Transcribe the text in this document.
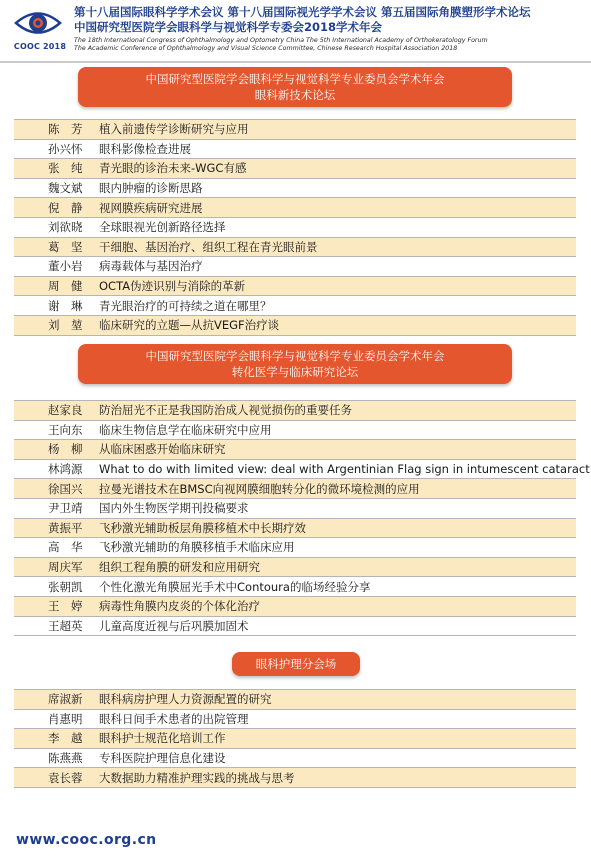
COOC 2018
第十八届国际眼科学学术会议 第十八届国际视光学学术会议 第五届国际角膜塑形学术论坛
中国研究型医院学会眼科学与视觉科学专委会2018学术年会
The 18th International Congress of Ophthalmology and Optometry China The 5th International Academy of Orthokeratology Forum
The Academic Conference of Ophthalmology and Visual Science Committee, Chinese Research Hospital Association 2018
中国研究型医院学会眼科学与视觉科学专业委员会学术年会
眼科新技术论坛
陈　芳	植入前遗传学诊断研究与应用
孙兴怀	眼科影像检查进展
张　纯	青光眼的诊治未来-WGC有感
魏文斌	眼内肿瘤的诊断思路
倪　静	视网膜疾病研究进展
刘欲晓	全球眼视光创新路径选择
葛　坚	干细胞、基因治疗、组织工程在青光眼前景
董小岩	病毒载体与基因治疗
周　健	OCTA伪迹识别与消除的革新
谢　琳	青光眼治疗的可持续之道在哪里？
刘　堃	临床研究的立题—从抗VEGF治疗谈
中国研究型医院学会眼科学与视觉科学专业委员会学术年会
转化医学与临床研究论坛
赵家良	防治屈光不正是我国防治成人视觉损伤的重要任务
王向东	临床生物信息学在临床研究中应用
杨　柳	从临床困惑开始临床研究
林鸿源	What to do with limited view: deal with Argentinian Flag sign in intumescent cataract
徐国兴	拉曼光谱技术在BMSC向视网膜细胞转分化的微环境检测的应用
尹卫靖	国内外生物医学期刊投稿要求
黄振平	飞秒激光辅助板层角膜移植术中长期疗效
高　华	飞秒激光辅助的角膜移植手术临床应用
周庆军	组织工程角膜的研发和应用研究
张朝凯	个性化激光角膜屈光手术中Contoura的临场经验分享
王　婷	病毒性角膜内皮炎的个体化治疗
王超英	儿童高度近视与后巩膜加固术
眼科护理分会场
席淑新	眼科病房护理人力资源配置的研究
肖惠明	眼科日间手术患者的出院管理
李　越	眼科护士规范化培训工作
陈燕燕	专科医院护理信息化建设
袁长蓉	大数据助力精准护理实践的挑战与思考
www.cooc.org.cn
